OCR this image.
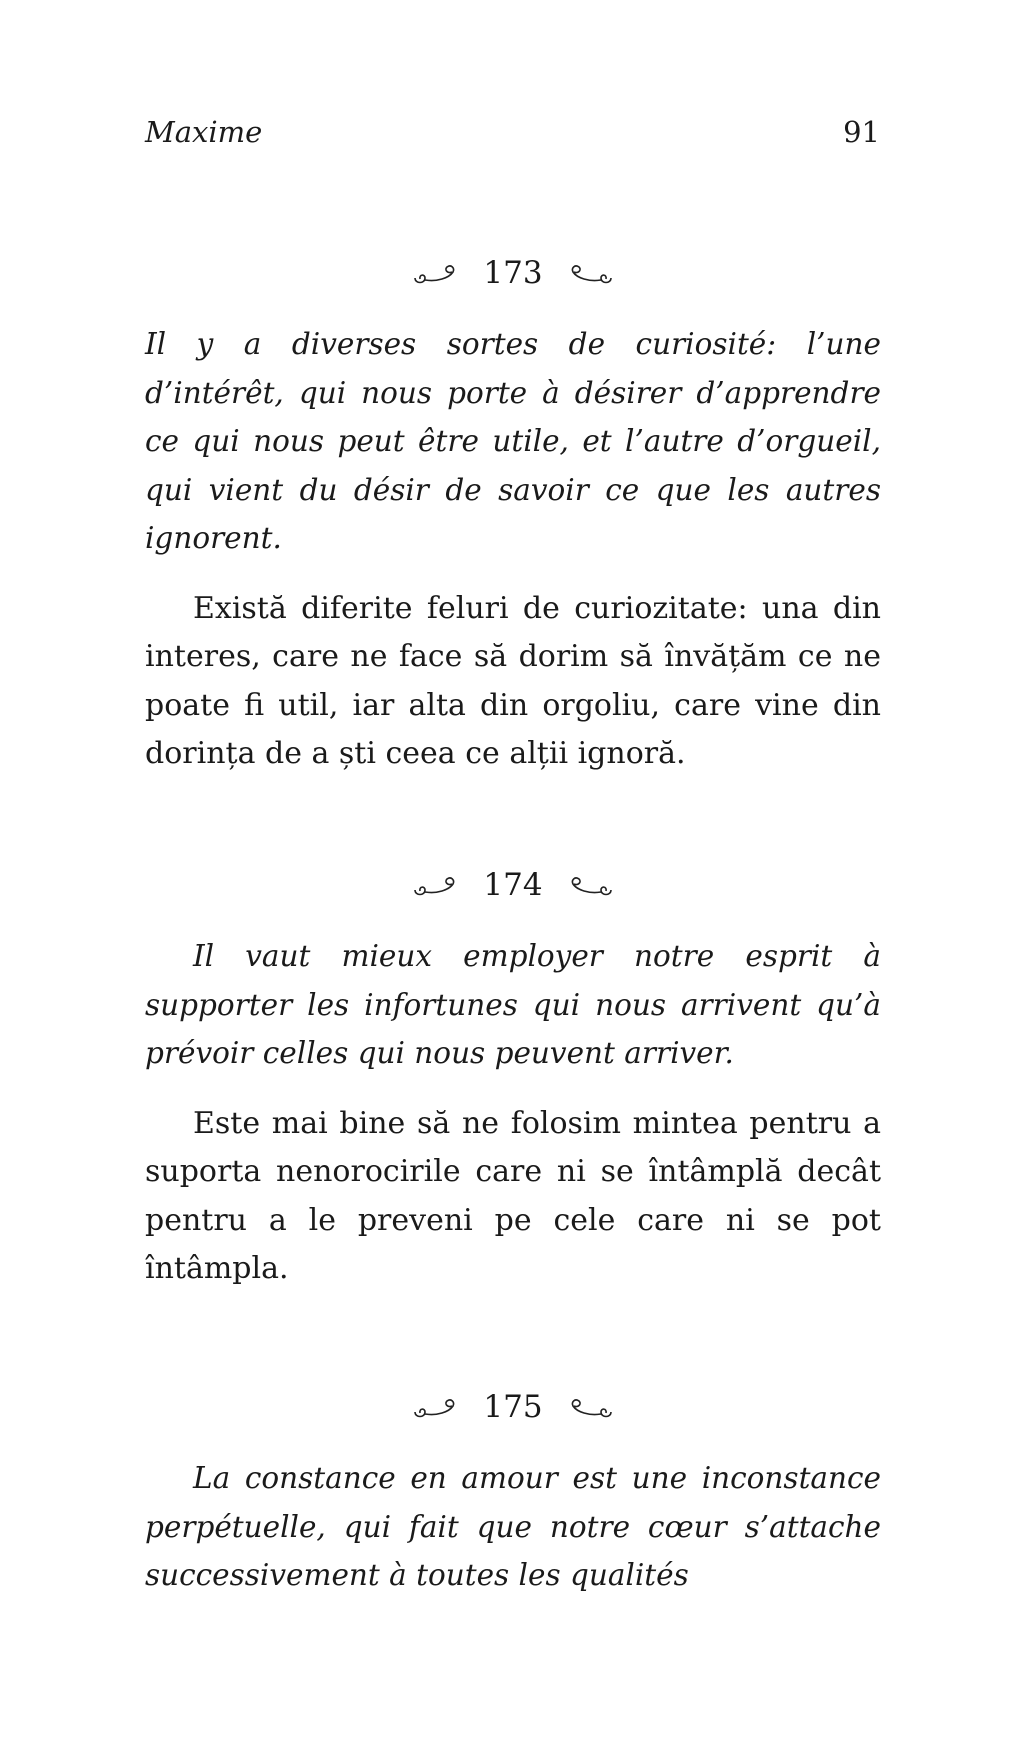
Maxime	91
173

Il y a diverses sortes de curiosité: l’une d’intérêt, qui nous porte à désirer d’apprendre ce qui nous peut être utile, et l’autre d’orgueil, qui vient du désir de savoir ce que les autres ignorent.

Există diferite feluri de curiozitate: una din interes, care ne face să dorim să învățăm ce ne poate fi util, iar alta din orgoliu, care vine din dorința de a ști ceea ce alții ignoră.

174

Il vaut mieux employer notre esprit à supporter les infortunes qui nous arrivent qu’à prévoir celles qui nous peuvent arriver.

Este mai bine să ne folosim mintea pentru a suporta nenorocirile care ni se întâmplă decât pentru a le preveni pe cele care ni se pot întâmpla.

175

La constance en amour est une inconstance perpétuelle, qui fait que notre cœur s’attache successivement à toutes les qualités
